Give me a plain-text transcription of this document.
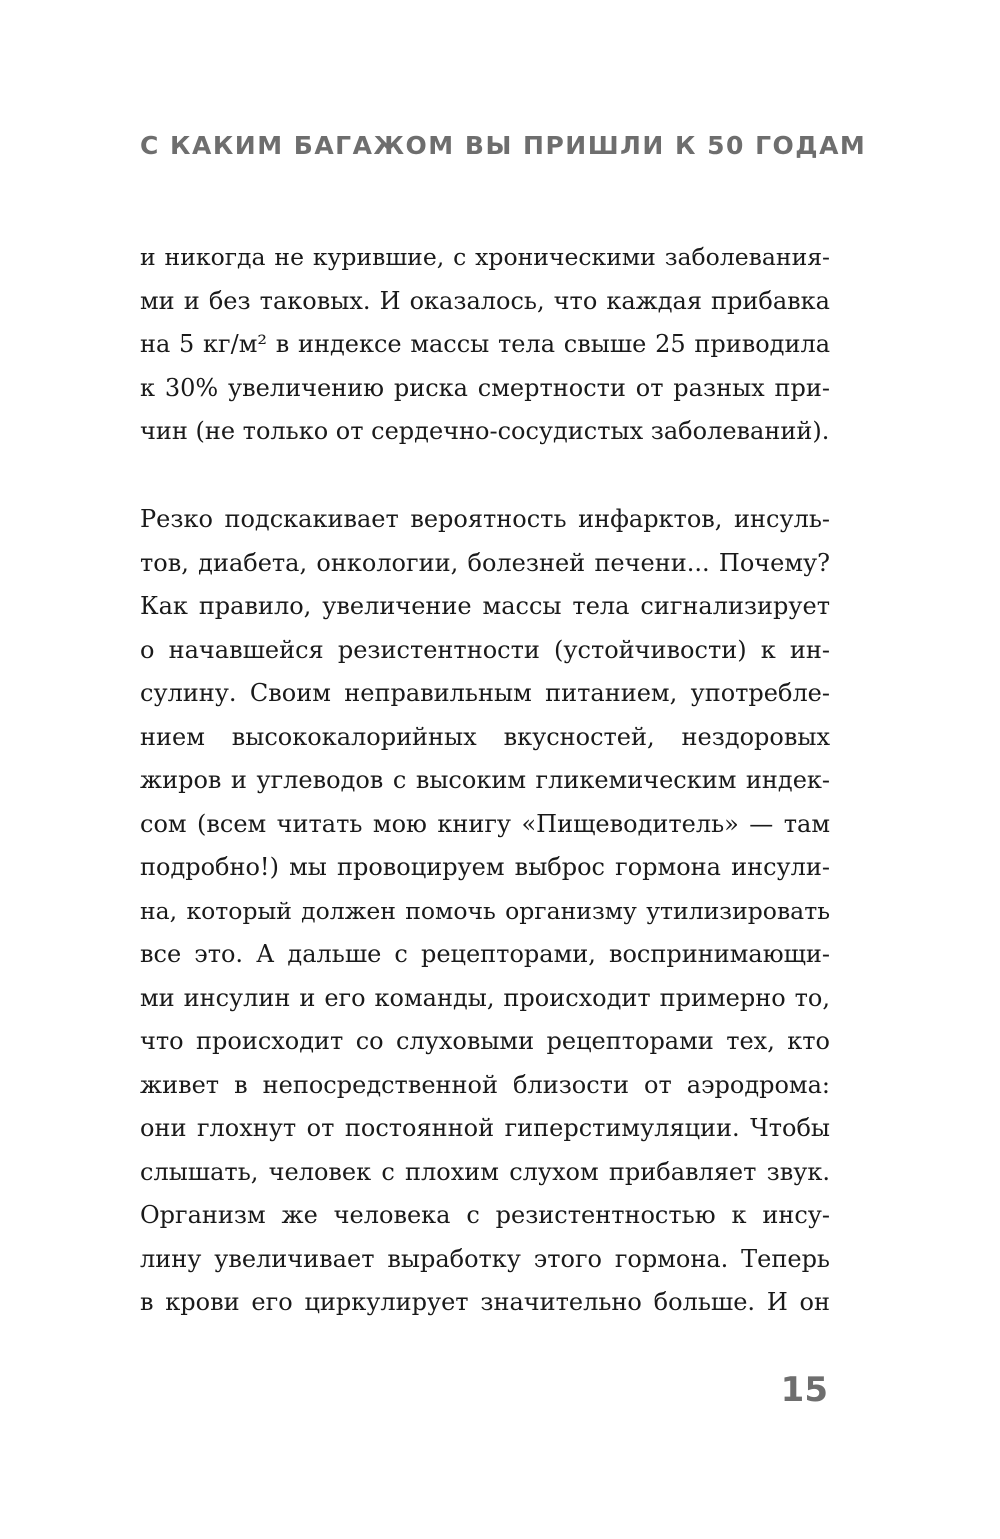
С КАКИМ БАГАЖОМ ВЫ ПРИШЛИ К 50 ГОДАМ
и никогда не курившие, с хроническими заболевания-
ми и без таковых. И оказалось, что каждая прибавка
на 5 кг/м² в индексе массы тела свыше 25 приводила
к 30% увеличению риска смертности от разных при-
чин (не только от сердечно-сосудистых заболеваний).
Резко подскакивает вероятность инфарктов, инсуль-
тов, диабета, онкологии, болезней печени... Почему?
Как правило, увеличение массы тела сигнализирует
о начавшейся резистентности (устойчивости) к ин-
сулину. Своим неправильным питанием, употребле-
нием высококалорийных вкусностей, нездоровых
жиров и углеводов с высоким гликемическим индек-
сом (всем читать мою книгу «Пищеводитель» — там
подробно!) мы провоцируем выброс гормона инсули-
на, который должен помочь организму утилизировать
все это. А дальше с рецепторами, воспринимающи-
ми инсулин и его команды, происходит примерно то,
что происходит со слуховыми рецепторами тех, кто
живет в непосредственной близости от аэродрома:
они глохнут от постоянной гиперстимуляции. Чтобы
слышать, человек с плохим слухом прибавляет звук.
Организм же человека с резистентностью к инсу-
лину увеличивает выработку этого гормона. Теперь
в крови его циркулирует значительно больше. И он
15
